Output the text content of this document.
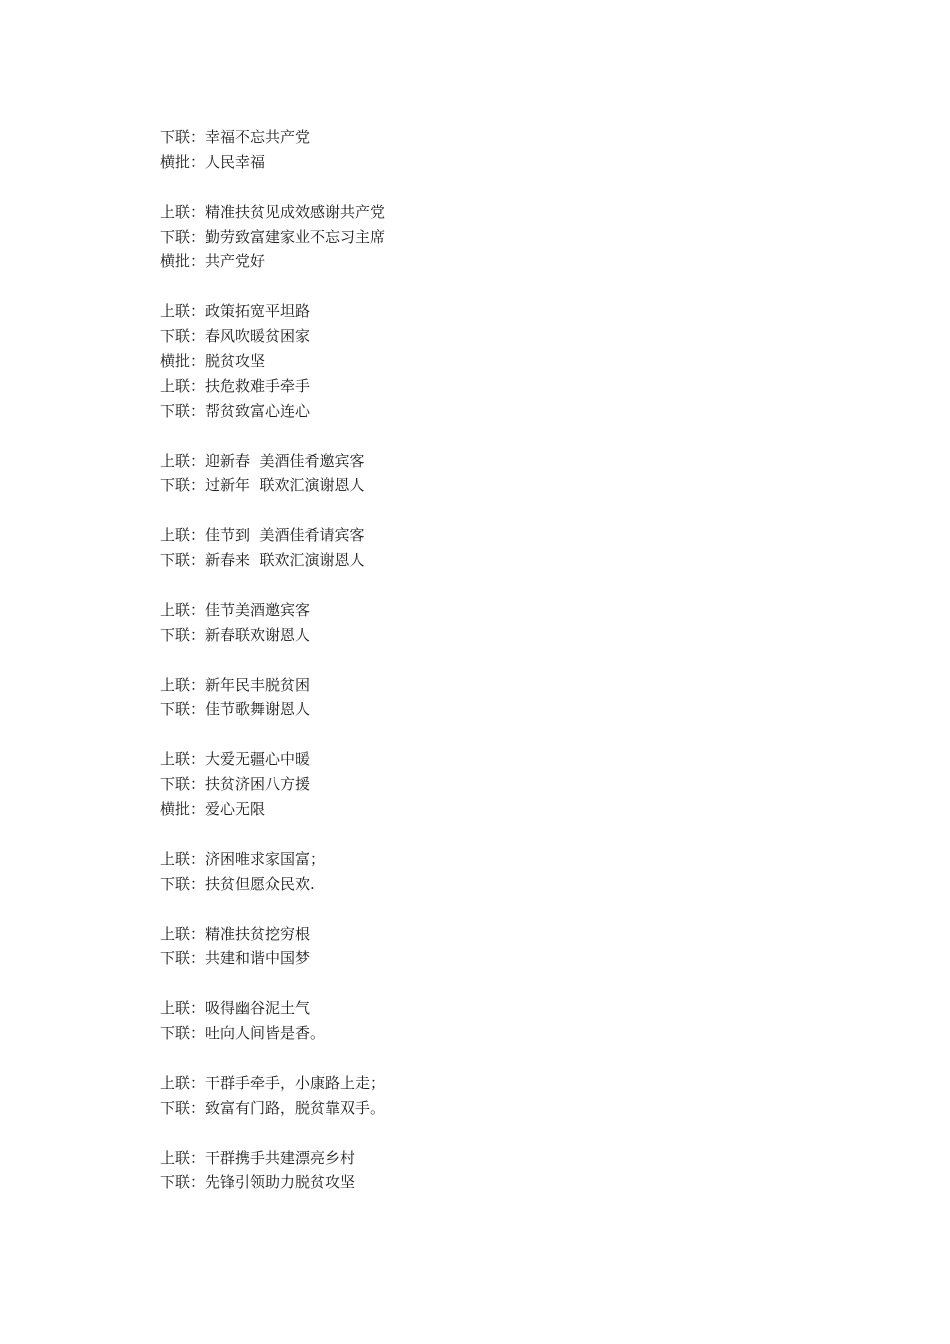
下联：幸福不忘共产党
横批：人民幸福
上联：精准扶贫见成效感谢共产党
下联：勤劳致富建家业不忘习主席
横批：共产党好
上联：政策拓宽平坦路
下联：春风吹暖贫困家
横批：脱贫攻坚
上联：扶危救难手牵手
下联：帮贫致富心连心
上联：迎新春  美酒佳肴邀宾客
下联：过新年  联欢汇演谢恩人
上联：佳节到  美酒佳肴请宾客
下联：新春来  联欢汇演谢恩人
上联：佳节美酒邀宾客
下联：新春联欢谢恩人
上联：新年民丰脱贫困
下联：佳节歌舞谢恩人
上联：大爱无疆心中暖
下联：扶贫济困八方援
横批：爱心无限
上联：济困唯求家国富；
下联：扶贫但愿众民欢.
上联：精准扶贫挖穷根
下联：共建和谐中国梦
上联：吸得幽谷泥土气
下联：吐向人间皆是香。
上联：干群手牵手，小康路上走；
下联：致富有门路，脱贫靠双手。
上联：干群携手共建漂亮乡村
下联：先锋引领助力脱贫攻坚
